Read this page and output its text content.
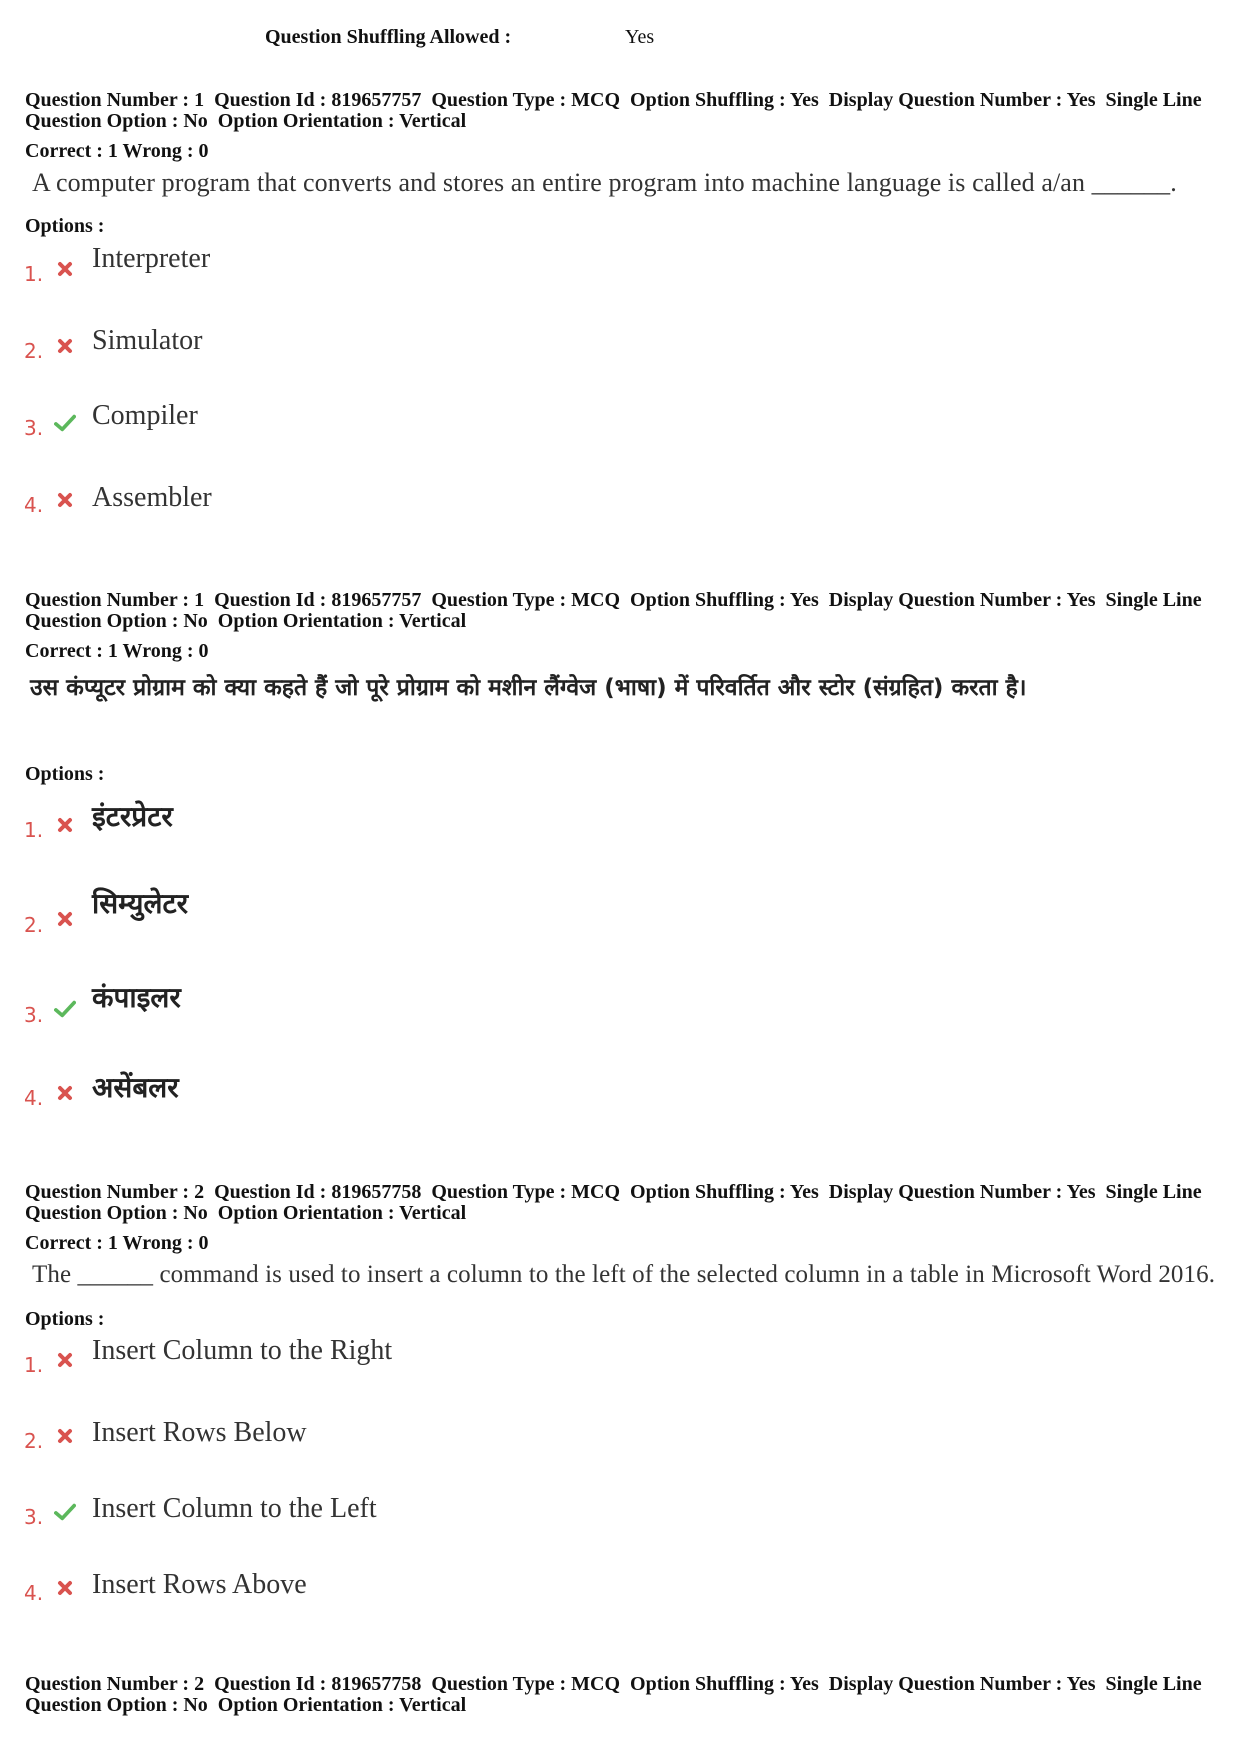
Question Shuffling Allowed :	Yes
Question Number : 1  Question Id : 819657757  Question Type : MCQ  Option Shuffling : Yes  Display Question Number : Yes  Single Line Question Option : No  Option Orientation : Vertical
Correct : 1 Wrong : 0
A computer program that converts and stores an entire program into machine language is called a/an ______.
Options :
1. Interpreter
2. Simulator
3. Compiler
4. Assembler
Question Number : 1  Question Id : 819657757  Question Type : MCQ  Option Shuffling : Yes  Display Question Number : Yes  Single Line Question Option : No  Option Orientation : Vertical
Correct : 1 Wrong : 0
उस कंप्यूटर प्रोग्राम को क्या कहते हैं जो पूरे प्रोग्राम को मशीन लैंग्वेज (भाषा) में परिवर्तित और स्टोर (संग्रहित) करता है।
Options :
1. इंटरप्रेटर
2.
सिम्युलेटर
3.
कंपाइलर
4. असेंबलर
Question Number : 2  Question Id : 819657758  Question Type : MCQ  Option Shuffling : Yes  Display Question Number : Yes  Single Line Question Option : No  Option Orientation : Vertical
Correct : 1 Wrong : 0
The ______ command is used to insert a column to the left of the selected column in a table in Microsoft Word 2016.
Options :
1. Insert Column to the Right
2. Insert Rows Below
3. Insert Column to the Left
4. Insert Rows Above
Question Number : 2  Question Id : 819657758  Question Type : MCQ  Option Shuffling : Yes  Display Question Number : Yes  Single Line Question Option : No  Option Orientation : Vertical
